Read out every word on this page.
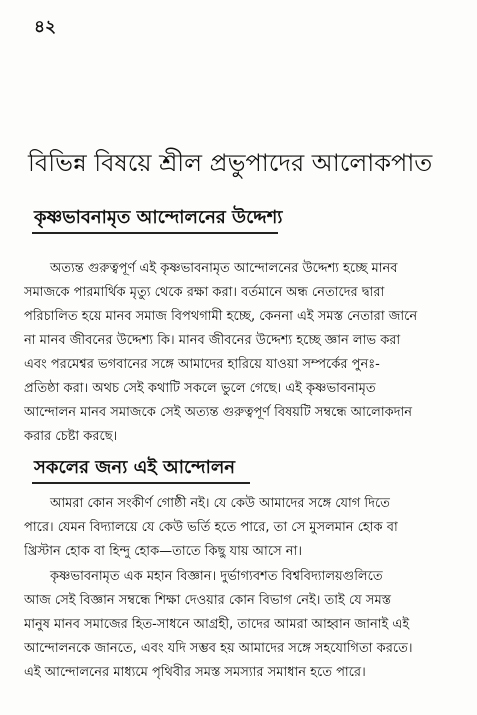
৪২
বিভিন্ন বিষয়ে শ্রীল প্রভুপাদের আলোকপাত
কৃষ্ণভাবনামৃত আন্দোলনের উদ্দেশ্য
অত্যন্ত গুরুত্বপূর্ণ এই কৃষ্ণভাবনামৃত আন্দোলনের উদ্দেশ্য হচ্ছে মানব
সমাজকে পারমার্থিক মৃত্যু থেকে রক্ষা করা। বর্তমানে অন্ধ নেতাদের দ্বারা
পরিচালিত হয়ে মানব সমাজ বিপথগামী হচ্ছে, কেননা এই সমস্ত নেতারা জানে
না মানব জীবনের উদ্দেশ্য কি। মানব জীবনের উদ্দেশ্য হচ্ছে জ্ঞান লাভ করা
এবং পরমেশ্বর ভগবানের সঙ্গে আমাদের হারিয়ে যাওয়া সম্পর্কের পুনঃ-
প্রতিষ্ঠা করা। অথচ সেই কথাটি সকলে ভুলে গেছে। এই কৃষ্ণভাবনামৃত
আন্দোলন মানব সমাজকে সেই অত্যন্ত গুরুত্বপূর্ণ বিষয়টি সম্বন্ধে আলোকদান
করার চেষ্টা করছে।
সকলের জন্য এই আন্দোলন
আমরা কোন সংকীর্ণ গোষ্ঠী নই। যে কেউ আমাদের সঙ্গে যোগ দিতে
পারে। যেমন বিদ্যালয়ে যে কেউ ভর্তি হতে পারে, তা সে মুসলমান হোক বা
খ্রিস্টান হোক বা হিন্দু হোক—তাতে কিছু যায় আসে না।
কৃষ্ণভাবনামৃত এক মহান বিজ্ঞান। দুর্ভাগ্যবশত বিশ্ববিদ্যালয়গুলিতে
আজ সেই বিজ্ঞান সম্বন্ধে শিক্ষা দেওয়ার কোন বিভাগ নেই। তাই যে সমস্ত
মানুষ মানব সমাজের হিত-সাধনে আগ্রহী, তাদের আমরা আহ্বান জানাই এই
আন্দোলনকে জানতে, এবং যদি সম্ভব হয় আমাদের সঙ্গে সহযোগিতা করতে।
এই আন্দোলনের মাধ্যমে পৃথিবীর সমস্ত সমস্যার সমাধান হতে পারে।
